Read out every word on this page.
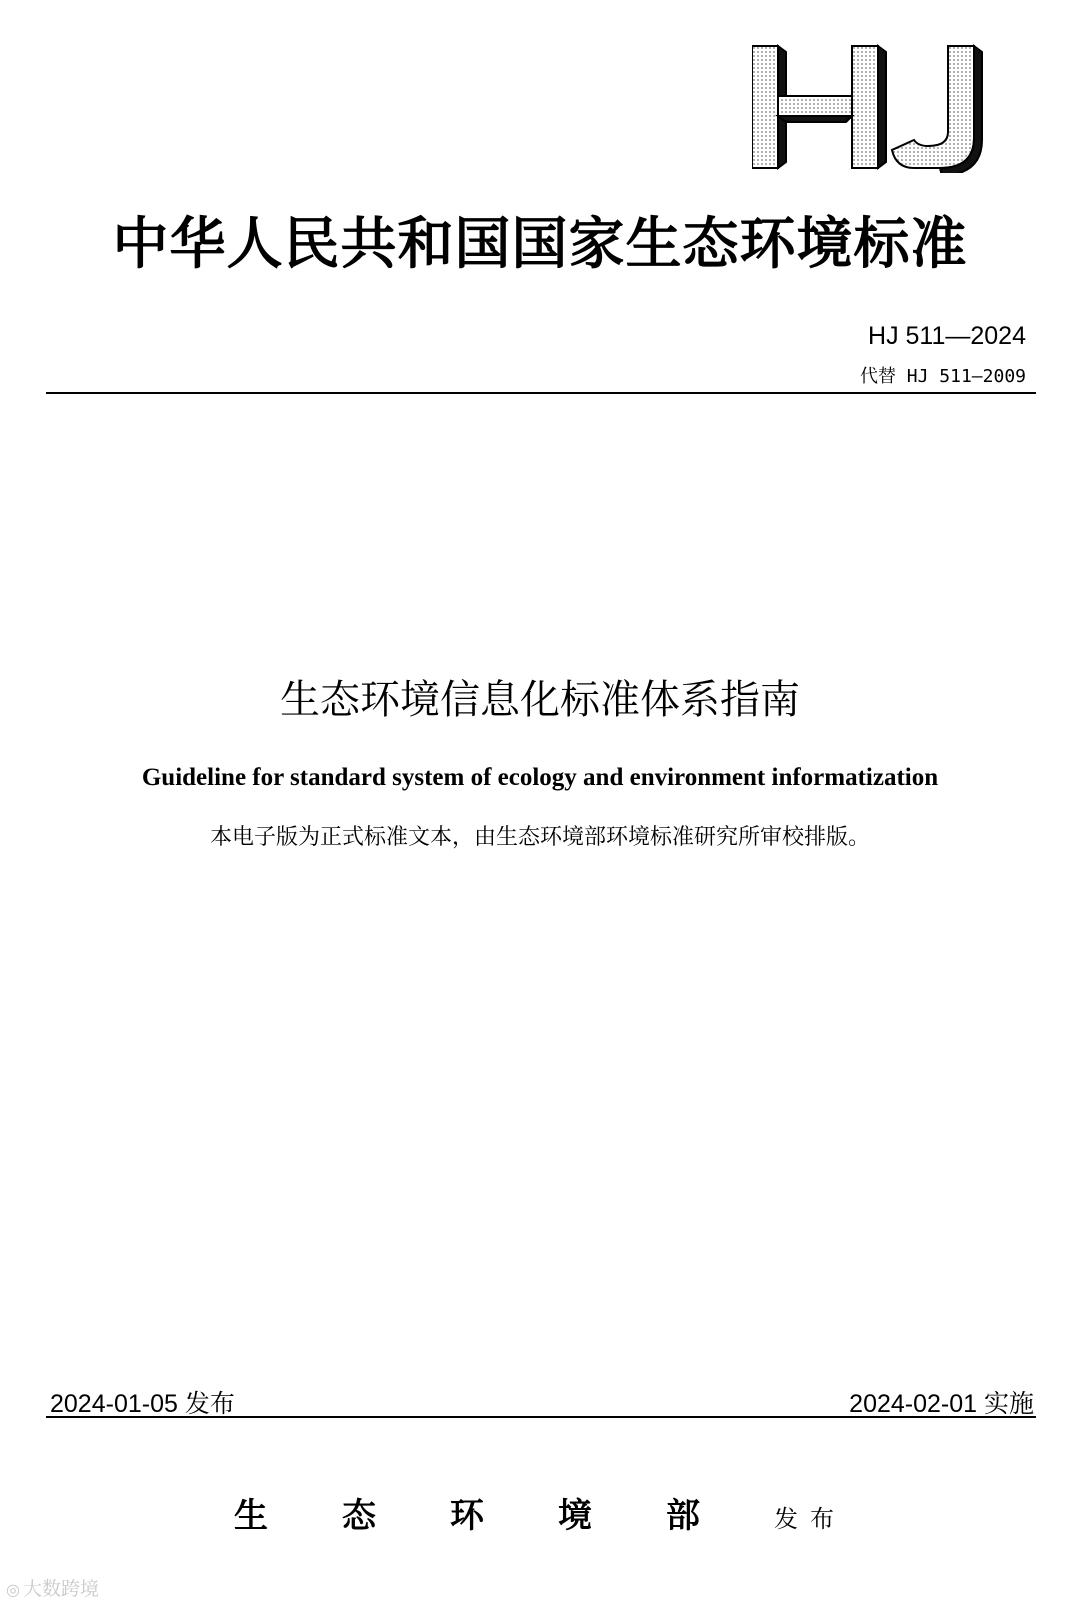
中华人民共和国国家生态环境标准
HJ 511—2024
代替 HJ 511—2009
生态环境信息化标准体系指南
Guideline for standard system of ecology and environment informatization
本电子版为正式标准文本，由生态环境部环境标准研究所审校排版。
2024-01-05 发布	2024-02-01 实施
生态环境部发布
◎ 大数跨境
